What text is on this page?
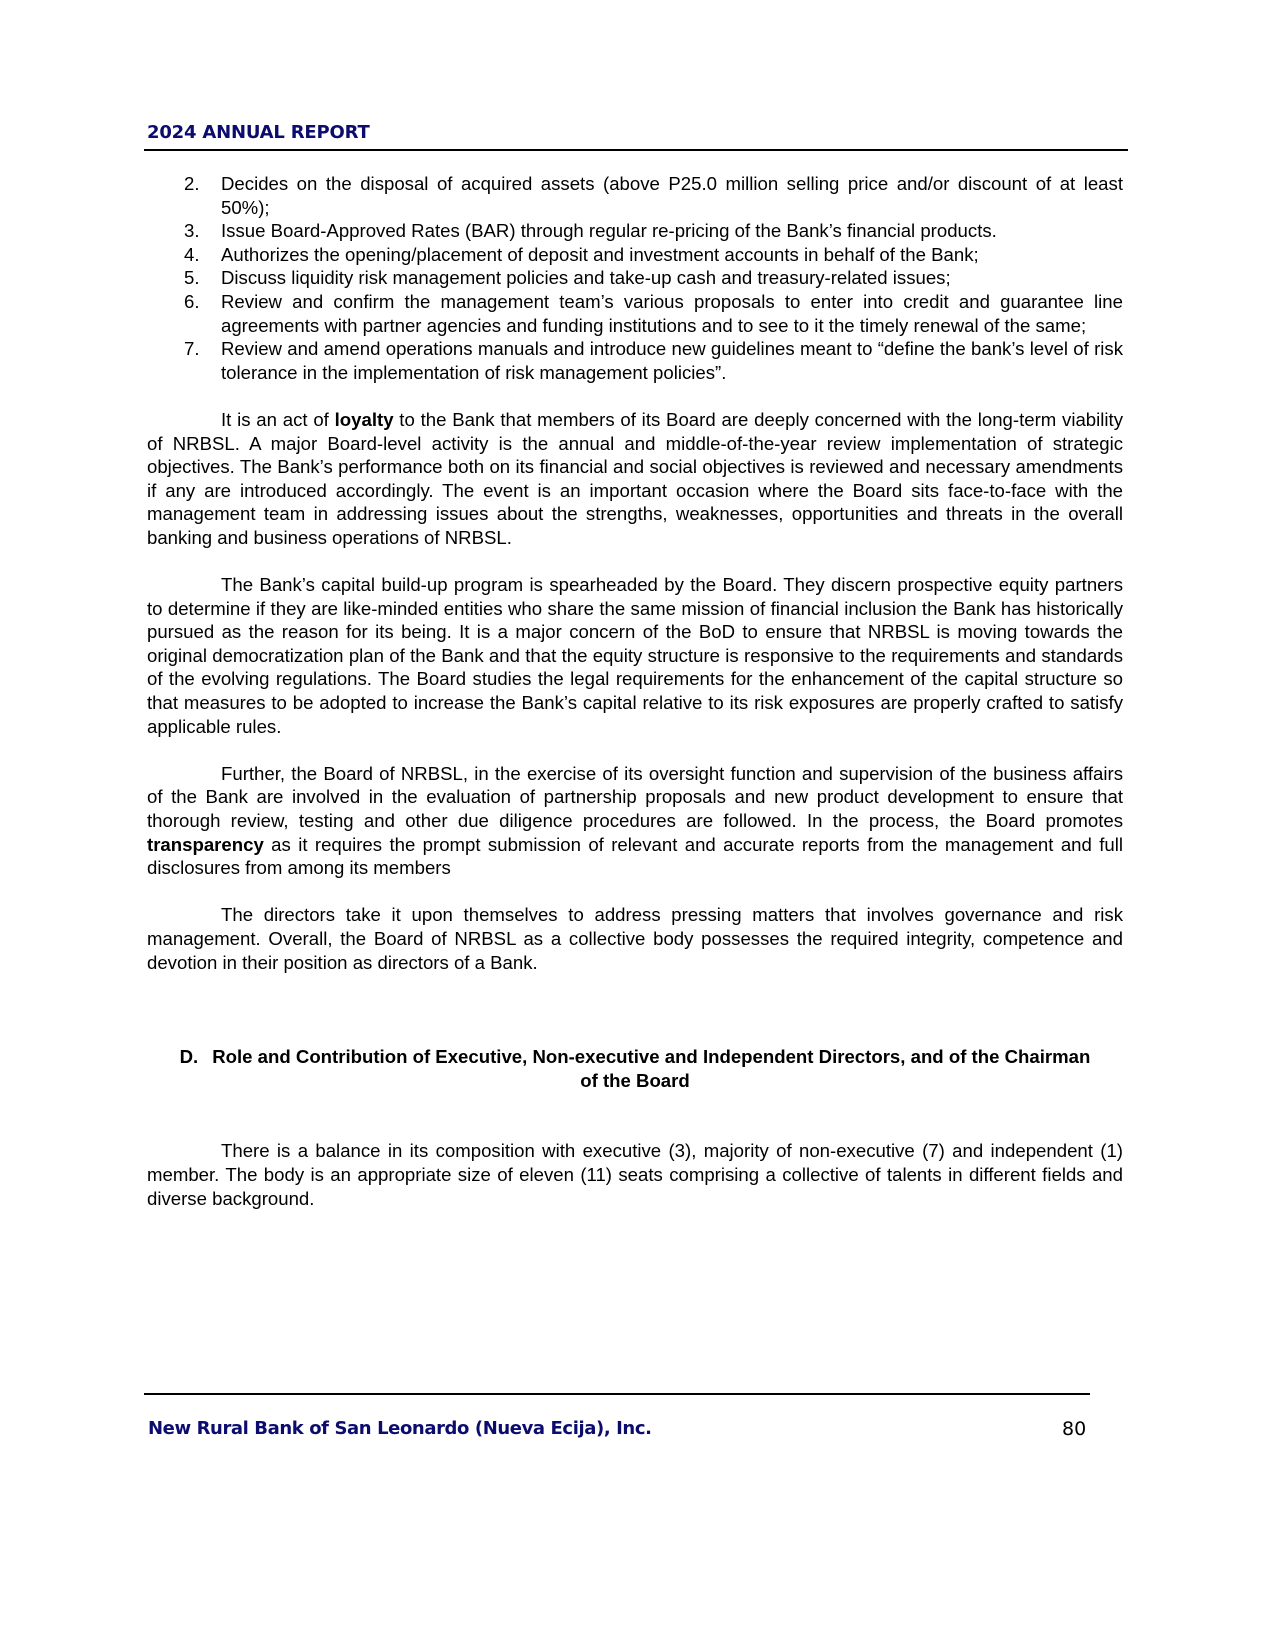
2024 ANNUAL REPORT
2. Decides on the disposal of acquired assets (above P25.0 million selling price and/or discount of at least 50%);
3. Issue Board-Approved Rates (BAR) through regular re-pricing of the Bank’s financial products.
4. Authorizes the opening/placement of deposit and investment accounts in behalf of the Bank;
5. Discuss liquidity risk management policies and take-up cash and treasury-related issues;
6. Review and confirm the management team’s various proposals to enter into credit and guarantee line agreements with partner agencies and funding institutions and to see to it the timely renewal of the same;
7. Review and amend operations manuals and introduce new guidelines meant to “define the bank’s level of risk tolerance in the implementation of risk management policies”.

It is an act of loyalty to the Bank that members of its Board are deeply concerned with the long-term viability of NRBSL. A major Board-level activity is the annual and middle-of-the-year review implementation of strategic objectives. The Bank’s performance both on its financial and social objectives is reviewed and necessary amendments if any are introduced accordingly. The event is an important occasion where the Board sits face-to-face with the management team in addressing issues about the strengths, weaknesses, opportunities and threats in the overall banking and business operations of NRBSL.

The Bank’s capital build-up program is spearheaded by the Board. They discern prospective equity partners to determine if they are like-minded entities who share the same mission of financial inclusion the Bank has historically pursued as the reason for its being. It is a major concern of the BoD to ensure that NRBSL is moving towards the original democratization plan of the Bank and that the equity structure is responsive to the requirements and standards of the evolving regulations. The Board studies the legal requirements for the enhancement of the capital structure so that measures to be adopted to increase the Bank’s capital relative to its risk exposures are properly crafted to satisfy applicable rules.

Further, the Board of NRBSL, in the exercise of its oversight function and supervision of the business affairs of the Bank are involved in the evaluation of partnership proposals and new product development to ensure that thorough review, testing and other due diligence procedures are followed. In the process, the Board promotes transparency as it requires the prompt submission of relevant and accurate reports from the management and full disclosures from among its members

The directors take it upon themselves to address pressing matters that involves governance and risk management. Overall, the Board of NRBSL as a collective body possesses the required integrity, competence and devotion in their position as directors of a Bank.

D. Role and Contribution of Executive, Non-executive and Independent Directors, and of the Chairman of the Board

There is a balance in its composition with executive (3), majority of non-executive (7) and independent (1) member. The body is an appropriate size of eleven (11) seats comprising a collective of talents in different fields and diverse background.

New Rural Bank of San Leonardo (Nueva Ecija), Inc.	80
